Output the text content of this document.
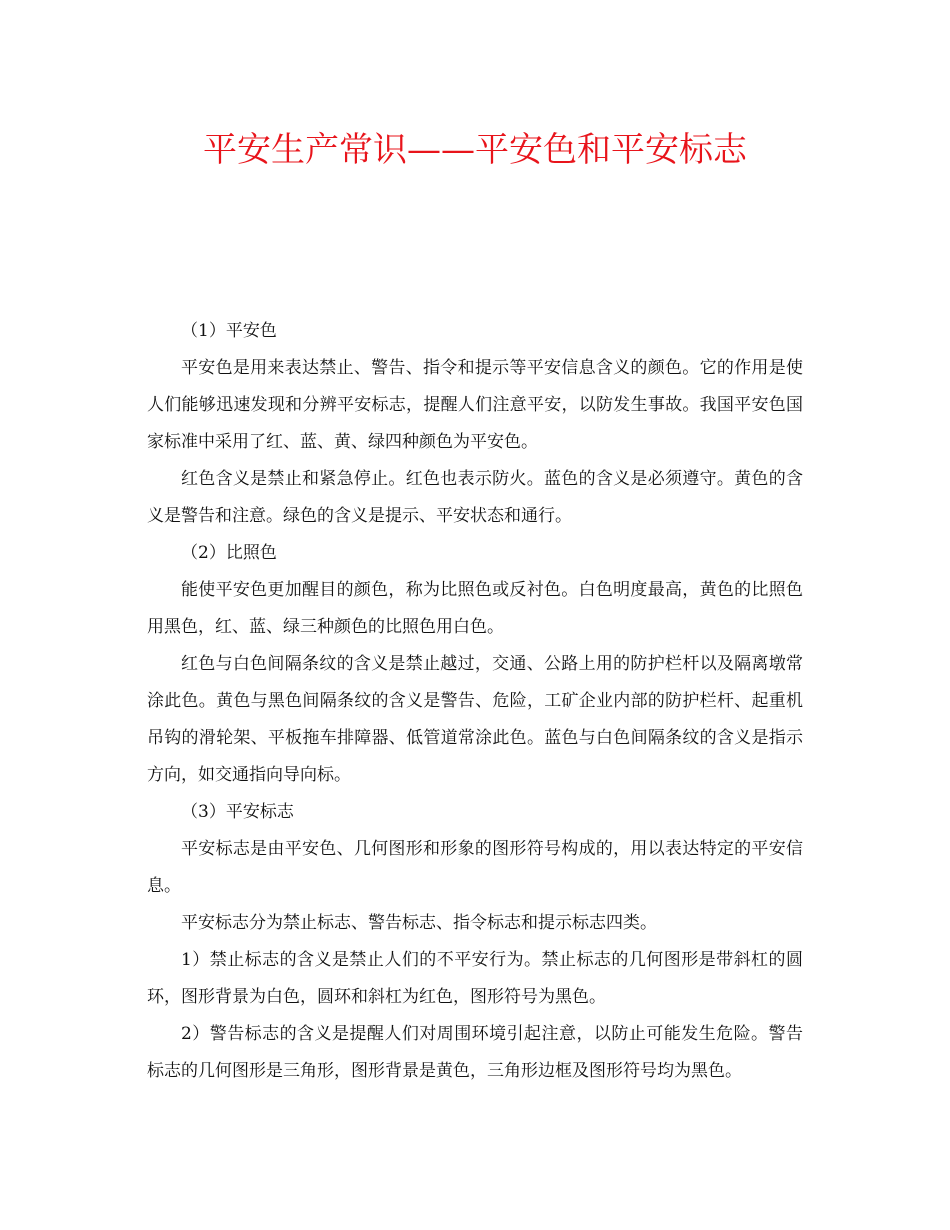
平安生产常识——平安色和平安标志

（1）平安色

平安色是用来表达禁止、警告、指令和提示等平安信息含义的颜色。它的作用是使人们能够迅速发现和分辨平安标志，提醒人们注意平安，以防发生事故。我国平安色国家标准中采用了红、蓝、黄、绿四种颜色为平安色。

红色含义是禁止和紧急停止。红色也表示防火。蓝色的含义是必须遵守。黄色的含义是警告和注意。绿色的含义是提示、平安状态和通行。

（2）比照色

能使平安色更加醒目的颜色，称为比照色或反衬色。白色明度最高，黄色的比照色用黑色，红、蓝、绿三种颜色的比照色用白色。

红色与白色间隔条纹的含义是禁止越过，交通、公路上用的防护栏杆以及隔离墩常涂此色。黄色与黑色间隔条纹的含义是警告、危险，工矿企业内部的防护栏杆、起重机吊钩的滑轮架、平板拖车排障器、低管道常涂此色。蓝色与白色间隔条纹的含义是指示方向，如交通指向导向标。

（3）平安标志

平安标志是由平安色、几何图形和形象的图形符号构成的，用以表达特定的平安信息。

平安标志分为禁止标志、警告标志、指令标志和提示标志四类。

1）禁止标志的含义是禁止人们的不平安行为。禁止标志的几何图形是带斜杠的圆环，图形背景为白色，圆环和斜杠为红色，图形符号为黑色。

2）警告标志的含义是提醒人们对周围环境引起注意，以防止可能发生危险。警告标志的几何图形是三角形，图形背景是黄色，三角形边框及图形符号均为黑色。
